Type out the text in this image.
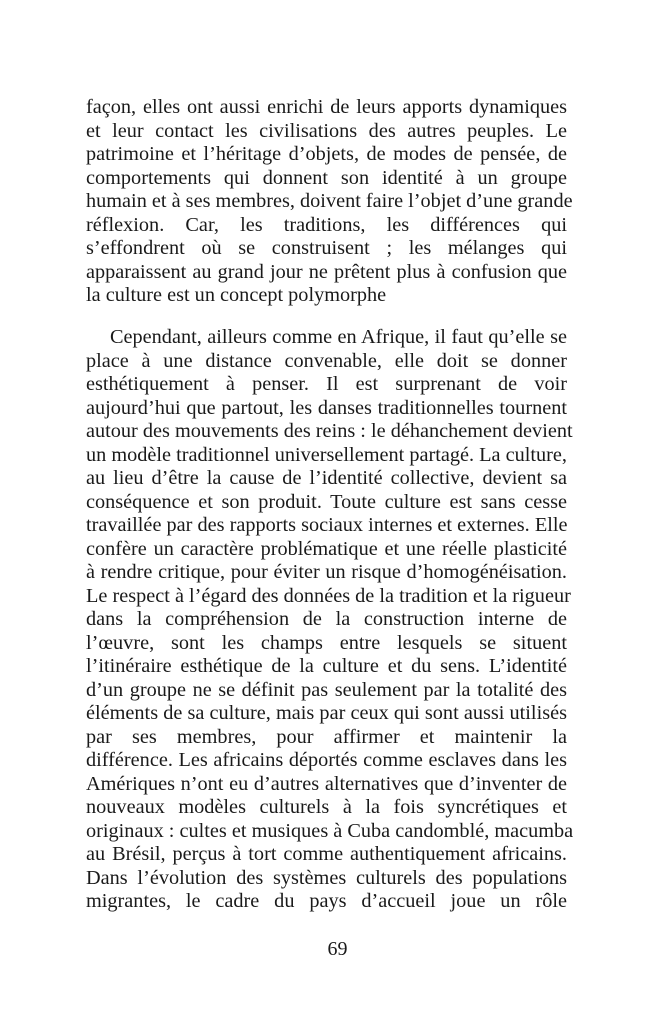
façon, elles ont aussi enrichi de leurs apports dynamiques
et leur contact les civilisations des autres peuples. Le
patrimoine et l’héritage d’objets, de modes de pensée, de
comportements qui donnent son identité à un groupe
humain et à ses membres, doivent faire l’objet d’une grande
réflexion. Car, les traditions, les différences qui
s’effondrent où se construisent ; les mélanges qui
apparaissent au grand jour ne prêtent plus à confusion que
la culture est un concept polymorphe
Cependant, ailleurs comme en Afrique, il faut qu’elle se
place à une distance convenable, elle doit se donner
esthétiquement à penser. Il est surprenant de voir
aujourd’hui que partout, les danses traditionnelles tournent
autour des mouvements des reins : le déhanchement devient
un modèle traditionnel universellement partagé. La culture,
au lieu d’être la cause de l’identité collective, devient sa
conséquence et son produit. Toute culture est sans cesse
travaillée par des rapports sociaux internes et externes. Elle
confère un caractère problématique et une réelle plasticité
à rendre critique, pour éviter un risque d’homogénéisation.
Le respect à l’égard des données de la tradition et la rigueur
dans la compréhension de la construction interne de
l’œuvre, sont les champs entre lesquels se situent
l’itinéraire esthétique de la culture et du sens. L’identité
d’un groupe ne se définit pas seulement par la totalité des
éléments de sa culture, mais par ceux qui sont aussi utilisés
par ses membres, pour affirmer et maintenir la
différence. Les africains déportés comme esclaves dans les
Amériques n’ont eu d’autres alternatives que d’inventer de
nouveaux modèles culturels à la fois syncrétiques et
originaux : cultes et musiques à Cuba candomblé, macumba
au Brésil, perçus à tort comme authentiquement africains.
Dans l’évolution des systèmes culturels des populations
migrantes, le cadre du pays d’accueil joue un rôle
69
